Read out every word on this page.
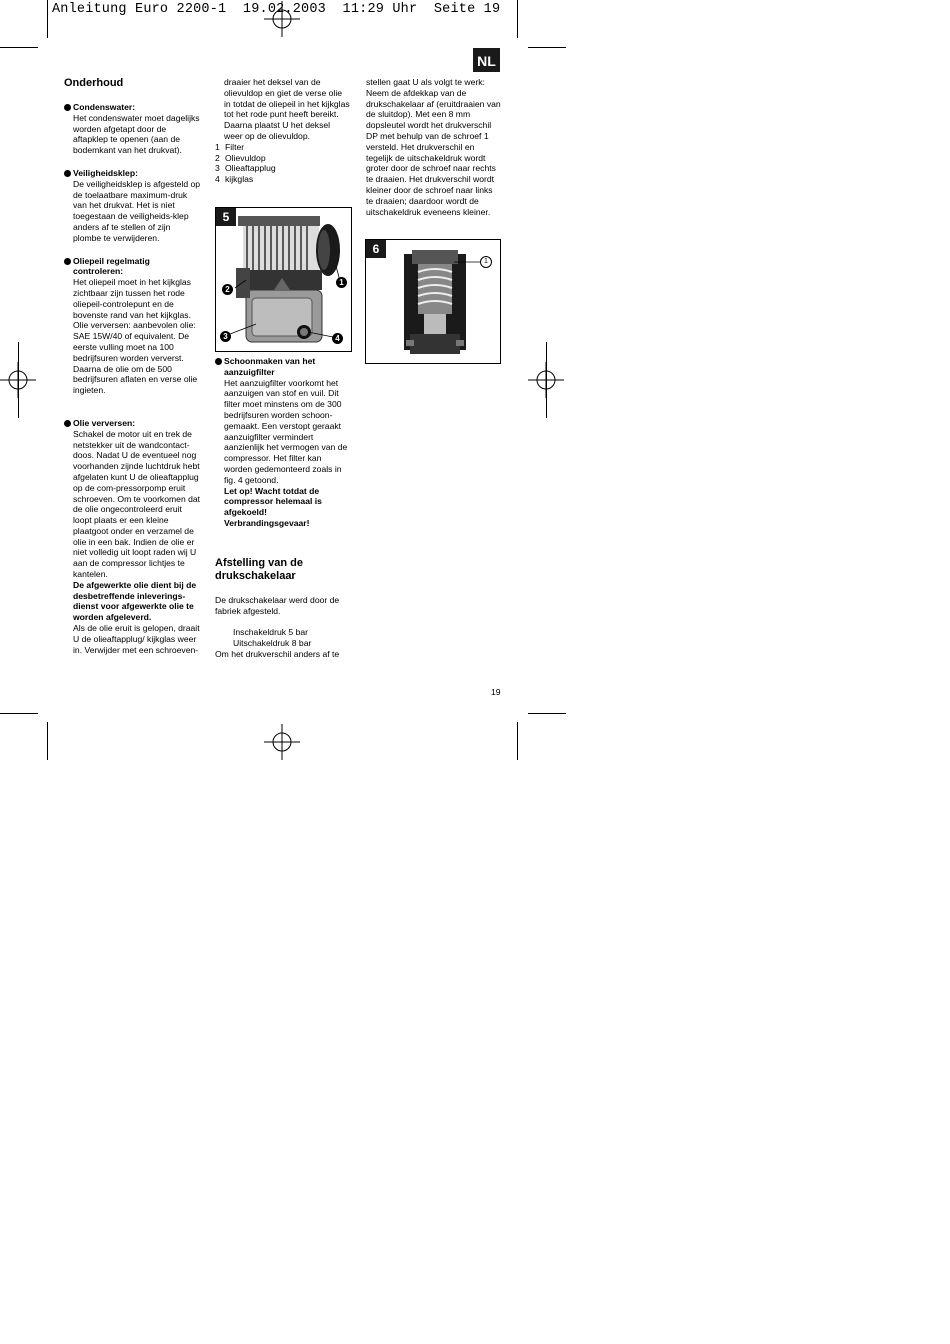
Anleitung Euro 2200-1  19.02.2003  11:29 Uhr  Seite 19
NL
Onderhoud

Condenswater:

Het condenswater moet dagelijks worden afgetapt door de aftapklep te openen (aan de bodemkant van het drukvat).

Veiligheidsklep:

De veiligheidsklep is afgesteld op de toelaatbare maximum-druk van het drukvat. Het is niet toegestaan de veiligheids-klep anders af te stellen of zijn plombe te verwijderen.

Oliepeil regelmatig controleren:

Het oliepeil moet in het kijkglas zichtbaar zijn tussen het rode oliepeil-controlepunt en de bovenste rand van het kijkglas. Olie verversen: aanbevolen olie: SAE 15W/40 of equivalent. De eerste vulling moet na 100 bedrijfsuren worden ververst. Daarna de olie om de 500 bedrijfsuren aflaten en verse olie ingieten.

Olie verversen:

Schakel de motor uit en trek de netstekker uit de wandcontact-doos. Nadat U de eventueel nog voorhanden zijnde luchtdruk hebt afgelaten kunt U de olieaftapplug op de com-pressorpomp eruit schroeven. Om te voorkomen dat de olie ongecontroleerd eruit loopt plaats er een kleine plaatgoot onder en verzamel de olie in een bak. Indien de olie er niet volledig uit loopt raden wij U aan de compressor lichtjes te kantelen.

De afgewerkte olie dient bij de desbetreffende inleverings-dienst voor afgewerkte olie te worden afgeleverd.

Als de olie eruit is gelopen, draait U de olieaftapplug/ kijkglas weer in. Verwijder met een schroeven-

draaier het deksel van de olievuldop en giet de verse olie in totdat de oliepeil in het kijkglas tot het rode punt heeft bereikt. Daarna plaatst U het deksel weer op de olievuldop.

1 Filter
2 Olievuldop
3 Olieaftapplug
4 kijkglas
5
1
2
3	4

Schoonmaken van het aanzuigfilter

Het aanzuigfilter voorkomt het aanzuigen van stof en vuil. Dit filter moet minstens om de 300 bedrijfsuren worden schoon-gemaakt. Een verstopt geraakt aanzuigfilter vermindert aanzienlijk het vermogen van de compressor. Het filter kan worden gedemonteerd zoals in fig. 4 getoond.

Let op! Wacht totdat de compressor helemaal is afgekoeld! Verbrandingsgevaar!

Afstelling van de drukschakelaar

De drukschakelaar werd door de fabriek afgesteld.

Inschakeldruk 5 bar

Uitschakeldruk 8 bar

Om het drukverschil anders af te

stellen gaat U als volgt te werk: Neem de afdekkap van de drukschakelaar af (eruitdraaien van de sluitdop). Met een 8 mm dopsleutel wordt het drukverschil DP met behulp van de schroef 1 versteld. Het drukverschil en tegelijk de uitschakeldruk wordt groter door de schroef naar rechts te draaien. Het drukverschil wordt kleiner door de schroef naar links te draaien; daardoor wordt de uitschakeldruk eveneens kleiner.

6
1
19
